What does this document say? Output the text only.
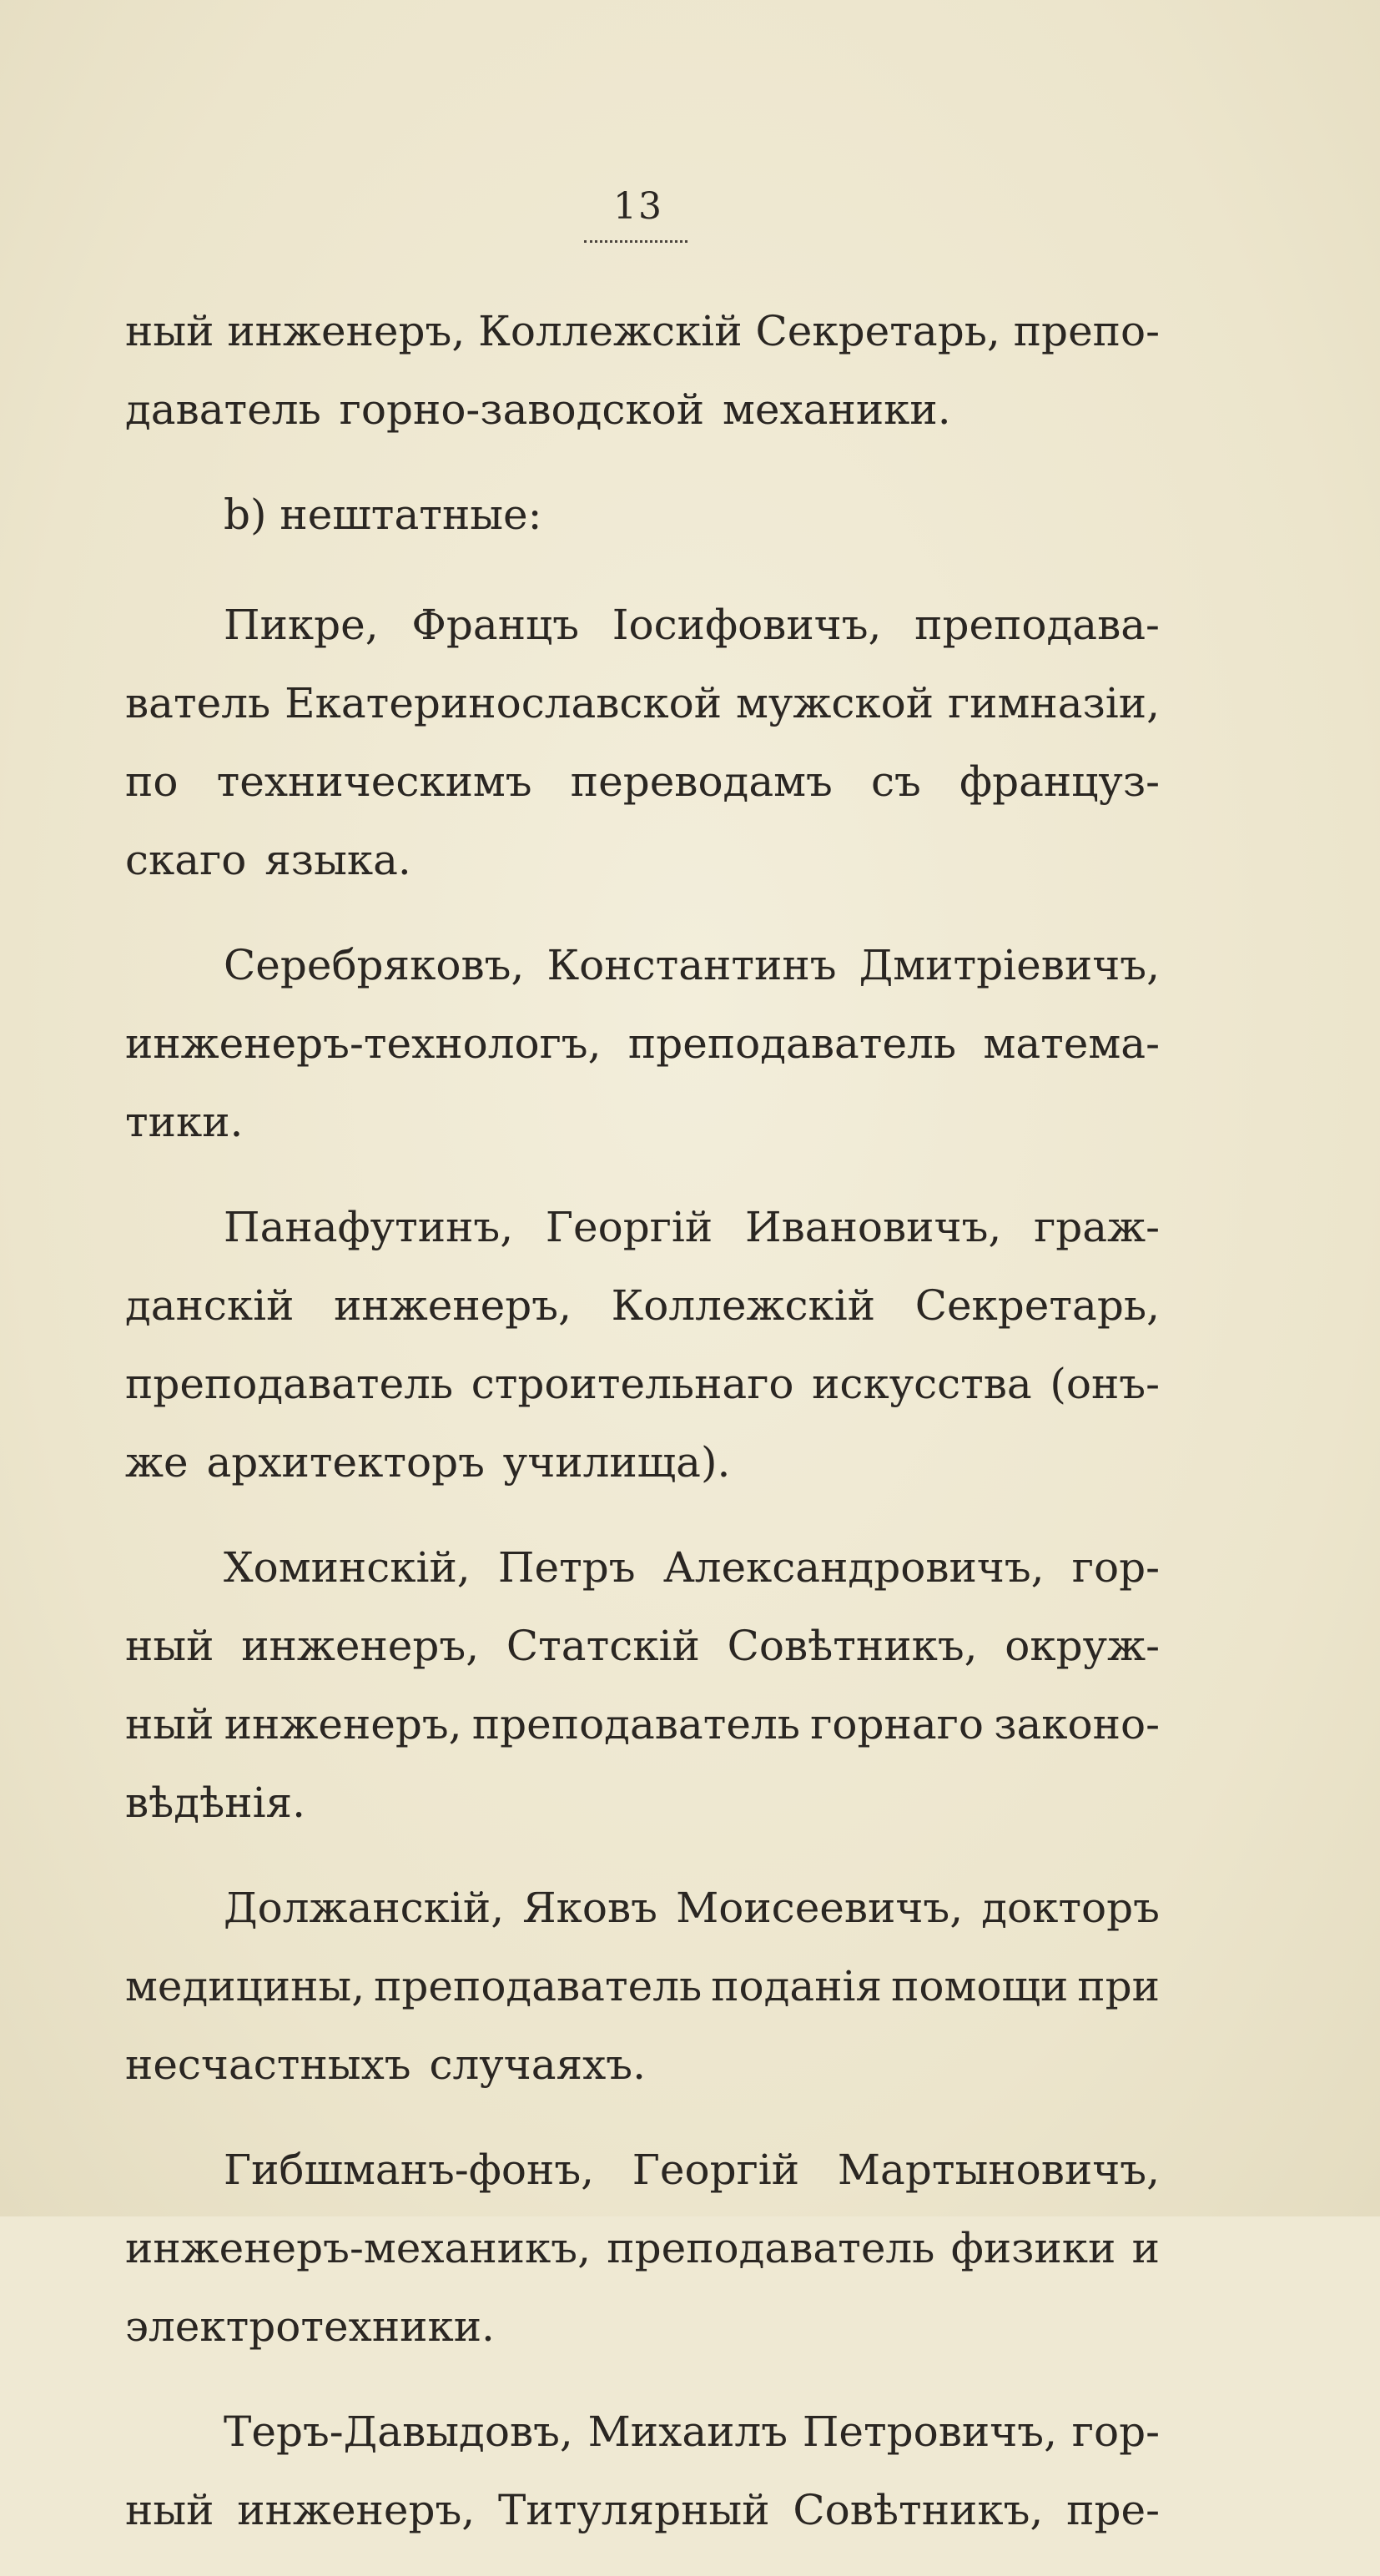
13
ный инженеръ, Коллежскій Секретарь, препо-
даватель горно-заводской механики.
b) нештатные:
Пикре, Францъ Іосифовичъ, преподава-
ватель Екатеринославской мужской гимназіи,
по техническимъ переводамъ съ француз-
скаго языка.
Серебряковъ, Константинъ Дмитріевичъ,
инженеръ-технологъ, преподаватель матема-
тики.
Панафутинъ, Георгій Ивановичъ, граж-
данскій инженеръ, Коллежскій Секретарь,
преподаватель строительнаго искусства (онъ-
же архитекторъ училища).
Хоминскій, Петръ Александровичъ, гор-
ный инженеръ, Статскій Совѣтникъ, окруж-
ный инженеръ, преподаватель горнаго законо-
вѣдѣнія.
Должанскій, Яковъ Моисеевичъ, докторъ
медицины, преподаватель поданія помощи при
несчастныхъ случаяхъ.
Гибшманъ-фонъ, Георгій Мартыновичъ,
инженеръ-механикъ, преподаватель физики и
электротехники.
Теръ-Давыдовъ, Михаилъ Петровичъ, гор-
ный инженеръ, Титулярный Совѣтникъ, пре-
